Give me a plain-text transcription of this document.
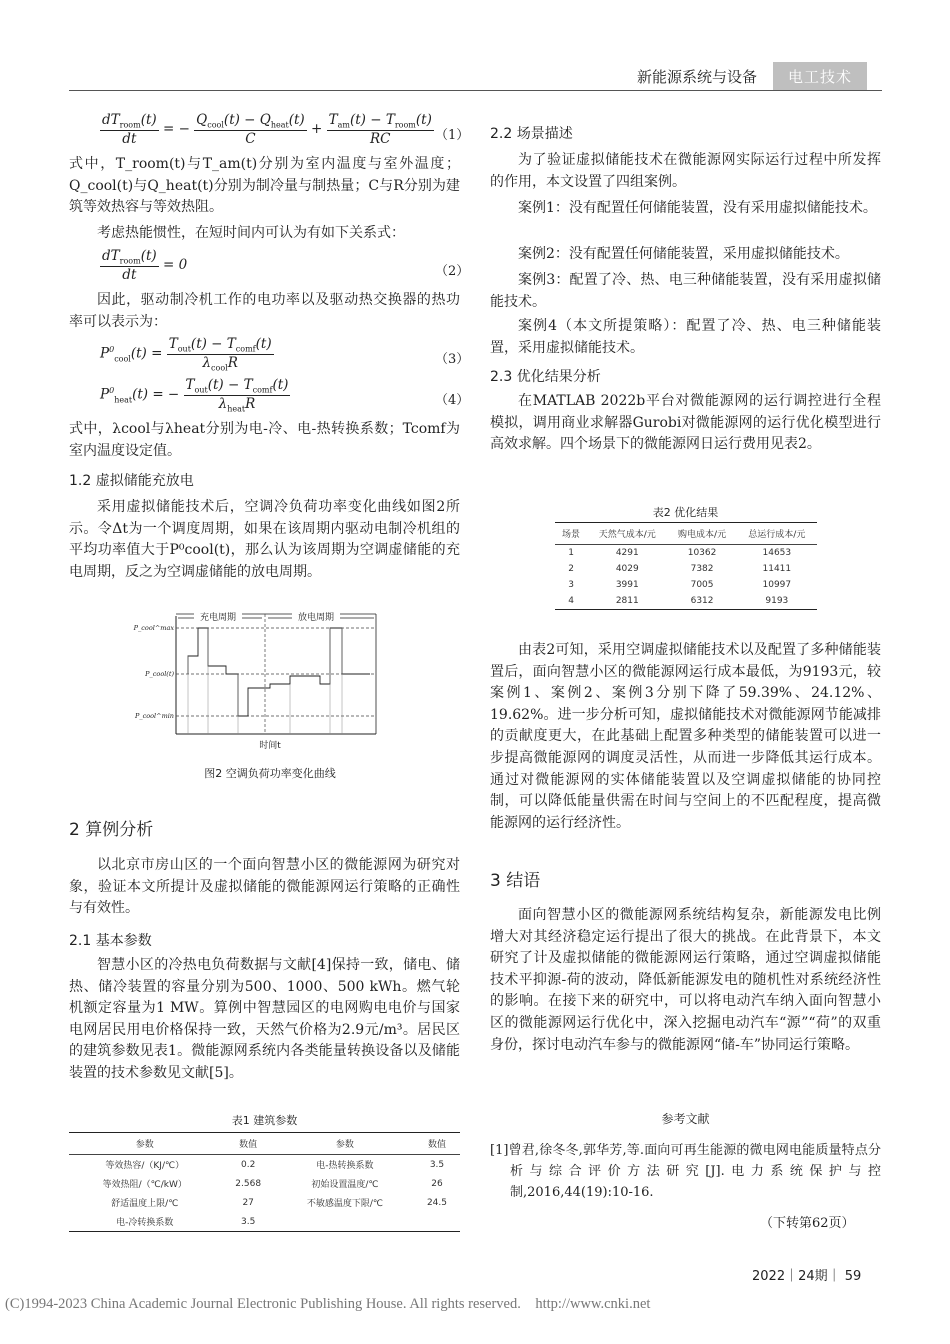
新能源系统与设备	电工技术
$\frac{dT_{room}(t)}{dt}$ = − $\frac{Q_{cool}(t) - Q_{heat}(t)}{C} + \frac{T_{am}(t) - T_{room}(t)}{RC} (1)$
式中，T_room(t)与T_am(t)分别为室内温度与室外温度；Q_cool(t)与Q_heat(t)分别为制冷量与制热量；C与R分别为建筑等效热容与等效热阻。
考虑热能惯性，在短时间内可认为有如下关系式：
$\frac{dT_{room}(t)}{dt} = 0$	（2）
因此，驱动制冷机工作的电功率以及驱动热交换器的热功率可以表示为：
$P^0_{cool}(t) = \frac{T_{out}(t) - T_{comf}(t)}{\lambda_{cool}R}$	（3）
$P^0_{heat}(t)$ = − $\frac{T_{out}(t) - T_{comf}(t)}{\lambda_{heat}R}$	（4）
式中，λcool与λheat分别为电-冷、电-热转换系数；Tcomf为室内温度设定值。
1.2 虚拟储能充放电
采用虚拟储能技术后，空调冷负荷功率变化曲线如图2所示。令Δt为一个调度周期，如果在该周期内驱动电制冷机组的平均功率值大于P⁰cool(t)，那么认为该周期为空调虚储能的充电周期，反之为空调虚储能的放电周期。
充电周期	放电周期
P_cool^max
P_cool(t)
P_cool^min
时间t
图2 空调负荷功率变化曲线
2 算例分析
以北京市房山区的一个面向智慧小区的微能源网为研究对象，验证本文所提计及虚拟储能的微能源网运行策略的正确性与有效性。
2.1 基本参数
智慧小区的冷热电负荷数据与文献[4]保持一致，储电、储热、储冷装置的容量分别为500、1000、500 kWh。燃气轮机额定容量为1 MW。算例中智慧园区的电网购电电价与国家电网居民用电价格保持一致，天然气价格为2.9元/m³。居民区的建筑参数见表1。微能源网系统内各类能量转换设备以及储能装置的技术参数见文献[5]。
表1 建筑参数
参数	数值	参数	数值
等效热容/（KJ/℃）	0.2	电-热转换系数	3.5
等效热阻/（℃/kW）	2.568	初始设置温度/℃	26
舒适温度上限/℃	27	不敏感温度下限/℃	24.5
电-冷转换系数	3.5		
2.2 场景描述
为了验证虚拟储能技术在微能源网实际运行过程中所发挥的作用，本文设置了四组案例。
案例1：没有配置任何储能装置，没有采用虚拟储能技术。
案例2：没有配置任何储能装置，采用虚拟储能技术。
案例3：配置了冷、热、电三种储能装置，没有采用虚拟储能技术。
案例4（本文所提策略）：配置了冷、热、电三种储能装置，采用虚拟储能技术。
2.3 优化结果分析
在MATLAB 2022b平台对微能源网的运行调控进行全程模拟，调用商业求解器Gurobi对微能源网的运行优化模型进行高效求解。四个场景下的微能源网日运行费用见表2。
表2 优化结果
场景	天然气成本/元	购电成本/元	总运行成本/元
1	4291	10362	14653
2	4029	7382	11411
3	3991	7005	10997
4	2811	6312	9193
由表2可知，采用空调虚拟储能技术以及配置了多种储能装置后，面向智慧小区的微能源网运行成本最低，为9193元，较案例1、案例2、案例3分别下降了59.39%、24.12%、19.62%。进一步分析可知，虚拟储能技术对微能源网节能减排的贡献度更大，在此基础上配置多种类型的储能装置可以进一步提高微能源网的调度灵活性，从而进一步降低其运行成本。通过对微能源网的实体储能装置以及空调虚拟储能的协同控制，可以降低能量供需在时间与空间上的不匹配程度，提高微能源网的运行经济性。
3 结语
面向智慧小区的微能源网系统结构复杂，新能源发电比例增大对其经济稳定运行提出了很大的挑战。在此背景下，本文研究了计及虚拟储能的微能源网运行策略，通过空调虚拟储能技术平抑源-荷的波动，降低新能源发电的随机性对系统经济性的影响。在接下来的研究中，可以将电动汽车纳入面向智慧小区的微能源网运行优化中，深入挖掘电动汽车“源”“荷”的双重身份，探讨电动汽车参与的微能源网“储-车”协同运行策略。
参考文献
[1]曾君,徐冬冬,郭华芳,等.面向可再生能源的微电网电能质量特点分析与综合评价方法研究[J].电力系统保护与控制,2016,44(19):10-16.
（下转第62页）
2022｜24期｜ 59
(C)1994-2023 China Academic Journal Electronic Publishing House. All rights reserved.    http://www.cnki.net
